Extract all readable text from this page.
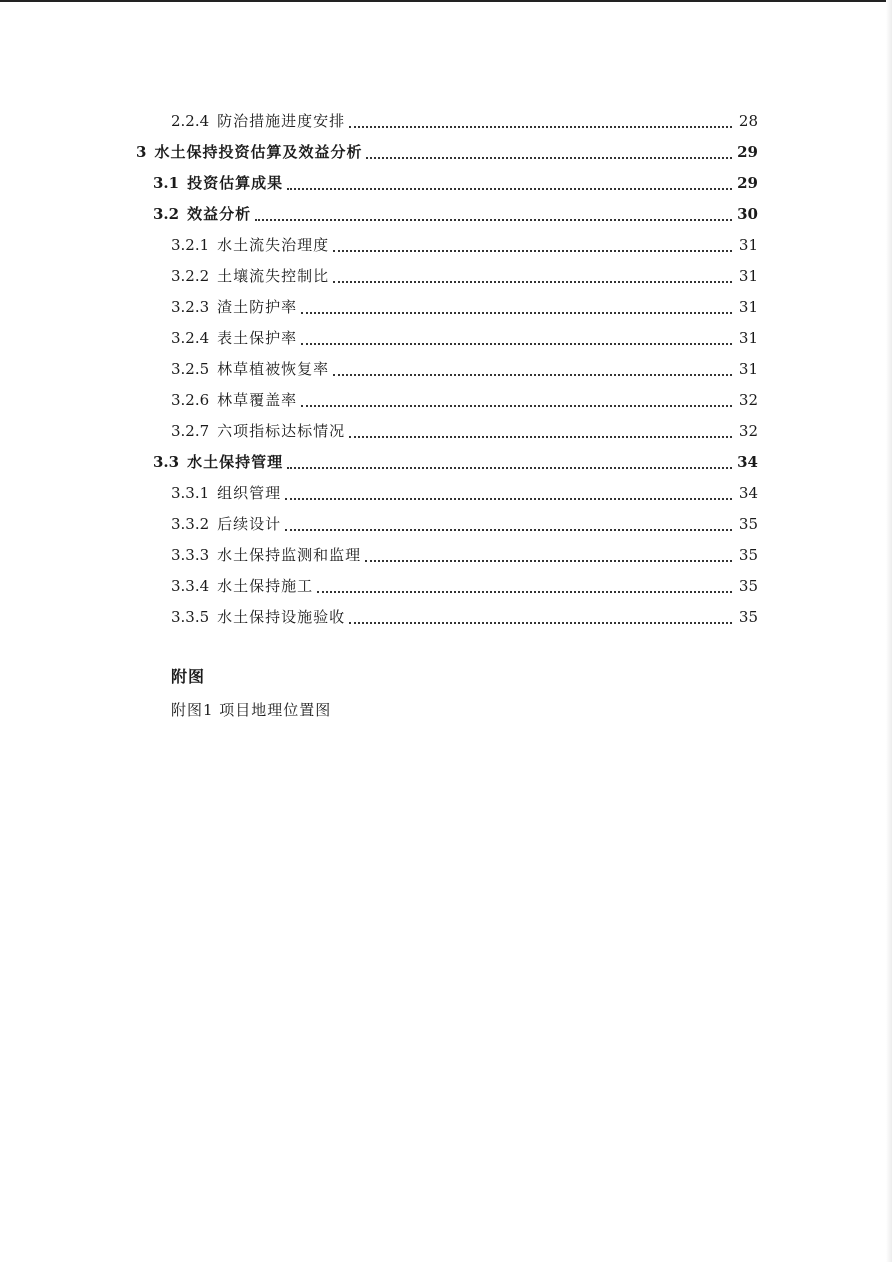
2.2.4 防治措施进度安排	28
3 水土保持投资估算及效益分析	29
3.1 投资估算成果	29
3.2 效益分析	30
3.2.1 水土流失治理度	31
3.2.2 土壤流失控制比	31
3.2.3 渣土防护率	31
3.2.4 表土保护率	31
3.2.5 林草植被恢复率	31
3.2.6 林草覆盖率	32
3.2.7 六项指标达标情况	32
3.3 水土保持管理	34
3.3.1 组织管理	34
3.3.2 后续设计	35
3.3.3 水土保持监测和监理	35
3.3.4 水土保持施工	35
3.3.5 水土保持设施验收	35
附图
附图1 项目地理位置图
